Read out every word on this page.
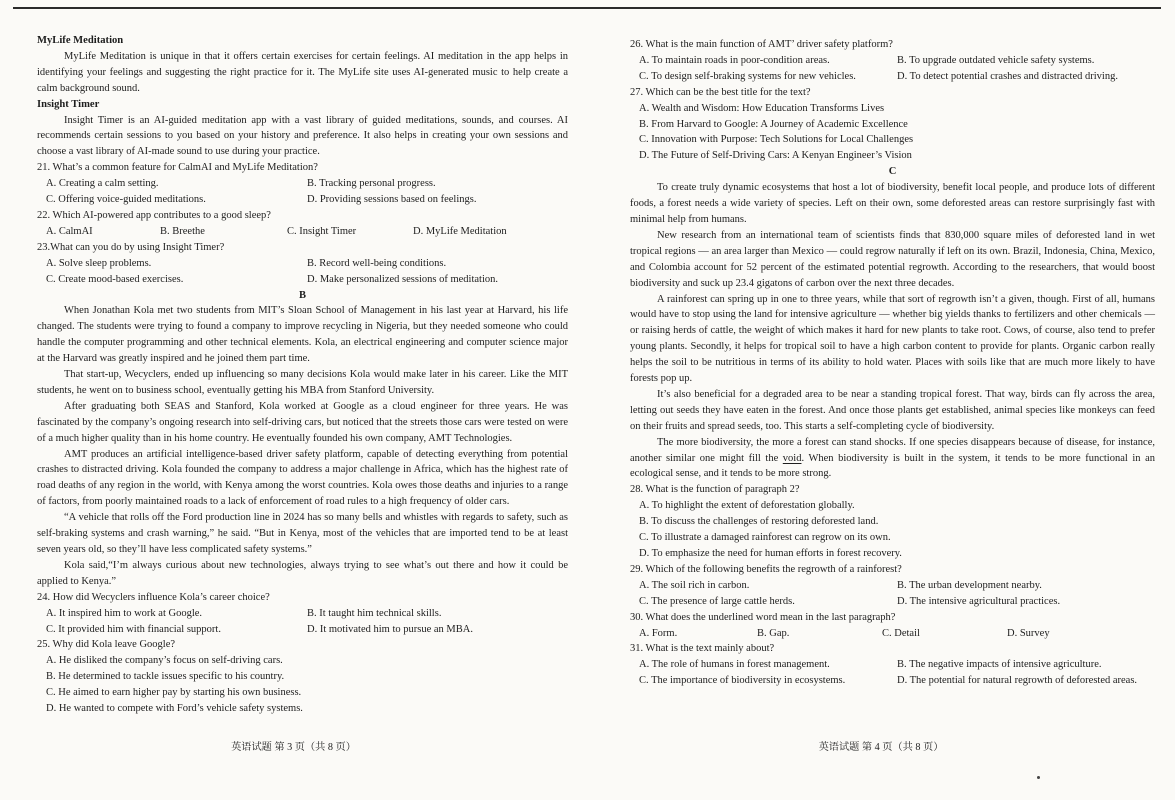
MyLife Meditation

MyLife Meditation is unique in that it offers certain exercises for certain feelings. AI meditation in the app helps in identifying your feelings and suggesting the right practice for it. The MyLife site uses AI-generated music to help create a calm background sound.

Insight Timer

Insight Timer is an AI-guided meditation app with a vast library of guided meditations, sounds, and courses. AI recommends certain sessions to you based on your history and preference. It also helps in creating your own sessions and choose a vast library of AI-made sound to use during your practice.

21. What’s a common feature for CalmAI and MyLife Meditation?

A. Creating a calm setting.	B. Tracking personal progress.
C. Offering voice-guided meditations.	D. Providing sessions based on feelings.

22. Which AI-powered app contributes to a good sleep?

A. CalmAI	B. Breethe	C. Insight Timer	D. MyLife Meditation

23.What can you do by using Insight Timer?

A. Solve sleep problems.	B. Record well-being conditions.
C. Create mood-based exercises.	D. Make personalized sessions of meditation.

B

When Jonathan Kola met two students from MIT’s Sloan School of Management in his last year at Harvard, his life changed. The students were trying to found a company to improve recycling in Nigeria, but they needed someone who could handle the computer programming and other technical elements. Kola, an electrical engineering and computer science major at the Harvard was greatly inspired and he joined them part time.

That start-up, Wecyclers, ended up influencing so many decisions Kola would make later in his career. Like the MIT students, he went on to business school, eventually getting his MBA from Stanford University.

After graduating both SEAS and Stanford, Kola worked at Google as a cloud engineer for three years. He was fascinated by the company’s ongoing research into self-driving cars, but noticed that the streets those cars were tested on were of a much higher quality than in his home country. He eventually founded his own company, AMT Technologies.

AMT produces an artificial intelligence-based driver safety platform, capable of detecting everything from potential crashes to distracted driving. Kola founded the company to address a major challenge in Africa, which has the highest rate of road deaths of any region in the world, with Kenya among the worst countries. Kola owes those deaths and injuries to a range of factors, from poorly maintained roads to a lack of enforcement of road rules to a high frequency of older cars.

“A vehicle that rolls off the Ford production line in 2024 has so many bells and whistles with regards to safety, such as self-braking systems and crash warning,” he said. “But in Kenya, most of the vehicles that are imported tend to be at least seven years old, so they’ll have less complicated safety systems.”

Kola said,“I’m always curious about new technologies, always trying to see what’s out there and how it could be applied to Kenya.”

24. How did Wecyclers influence Kola’s career choice?

A. It inspired him to work at Google.	B. It taught him technical skills.
C. It provided him with financial support.	D. It motivated him to pursue an MBA.

25. Why did Kola leave Google?

A. He disliked the company’s focus on self-driving cars.
B. He determined to tackle issues specific to his country.
C. He aimed to earn higher pay by starting his own business.
D. He wanted to compete with Ford’s vehicle safety systems.
英语试题 第 3 页（共 8 页）

26. What is the main function of AMT’ driver safety platform?

A. To maintain roads in poor-condition areas.	B. To upgrade outdated vehicle safety systems.
C. To design self-braking systems for new vehicles.	D. To detect potential crashes and distracted driving.

27. Which can be the best title for the text?

A. Wealth and Wisdom: How Education Transforms Lives
B. From Harvard to Google: A Journey of Academic Excellence
C. Innovation with Purpose: Tech Solutions for Local Challenges
D. The Future of Self-Driving Cars: A Kenyan Engineer’s Vision

C

To create truly dynamic ecosystems that host a lot of biodiversity, benefit local people, and produce lots of different foods, a forest needs a wide variety of species. Left on their own, some deforested areas can restore surprisingly fast with minimal help from humans.

New research from an international team of scientists finds that 830,000 square miles of deforested land in wet tropical regions — an area larger than Mexico — could regrow naturally if left on its own. Brazil, Indonesia, China, Mexico, and Colombia account for 52 percent of the estimated potential regrowth. According to the researchers, that would boost biodiversity and suck up 23.4 gigatons of carbon over the next three decades.

A rainforest can spring up in one to three years, while that sort of regrowth isn’t a given, though. First of all, humans would have to stop using the land for intensive agriculture — whether big yields thanks to fertilizers and other chemicals — or raising herds of cattle, the weight of which makes it hard for new plants to take root. Cows, of course, also tend to prefer young plants. Secondly, it helps for tropical soil to have a high carbon content to provide for plants. Organic carbon really helps the soil to be nutritious in terms of its ability to hold water. Places with soils like that are much more likely to have forests pop up.

It’s also beneficial for a degraded area to be near a standing tropical forest. That way, birds can fly across the area, letting out seeds they have eaten in the forest. And once those plants get established, animal species like monkeys can feed on their fruits and spread seeds, too. This starts a self-completing cycle of biodiversity.

The more biodiversity, the more a forest can stand shocks. If one species disappears because of disease, for instance, another similar one might fill the void. When biodiversity is built in the system, it tends to be more functional in an ecological sense, and it tends to be more strong.

28. What is the function of paragraph 2?

A. To highlight the extent of deforestation globally.
B. To discuss the challenges of restoring deforested land.
C. To illustrate a damaged rainforest can regrow on its own.
D. To emphasize the need for human efforts in forest recovery.

29. Which of the following benefits the regrowth of a rainforest?

A. The soil rich in carbon.	B. The urban development nearby.
C. The presence of large cattle herds.	D. The intensive agricultural practices.

30. What does the underlined word mean in the last paragraph?

A. Form.	B. Gap.	C. Detail	D. Survey

31. What is the text mainly about?

A. The role of humans in forest management.	B. The negative impacts of intensive agriculture.
C. The importance of biodiversity in ecosystems.	D. The potential for natural regrowth of deforested areas.
英语试题 第 4 页（共 8 页）
